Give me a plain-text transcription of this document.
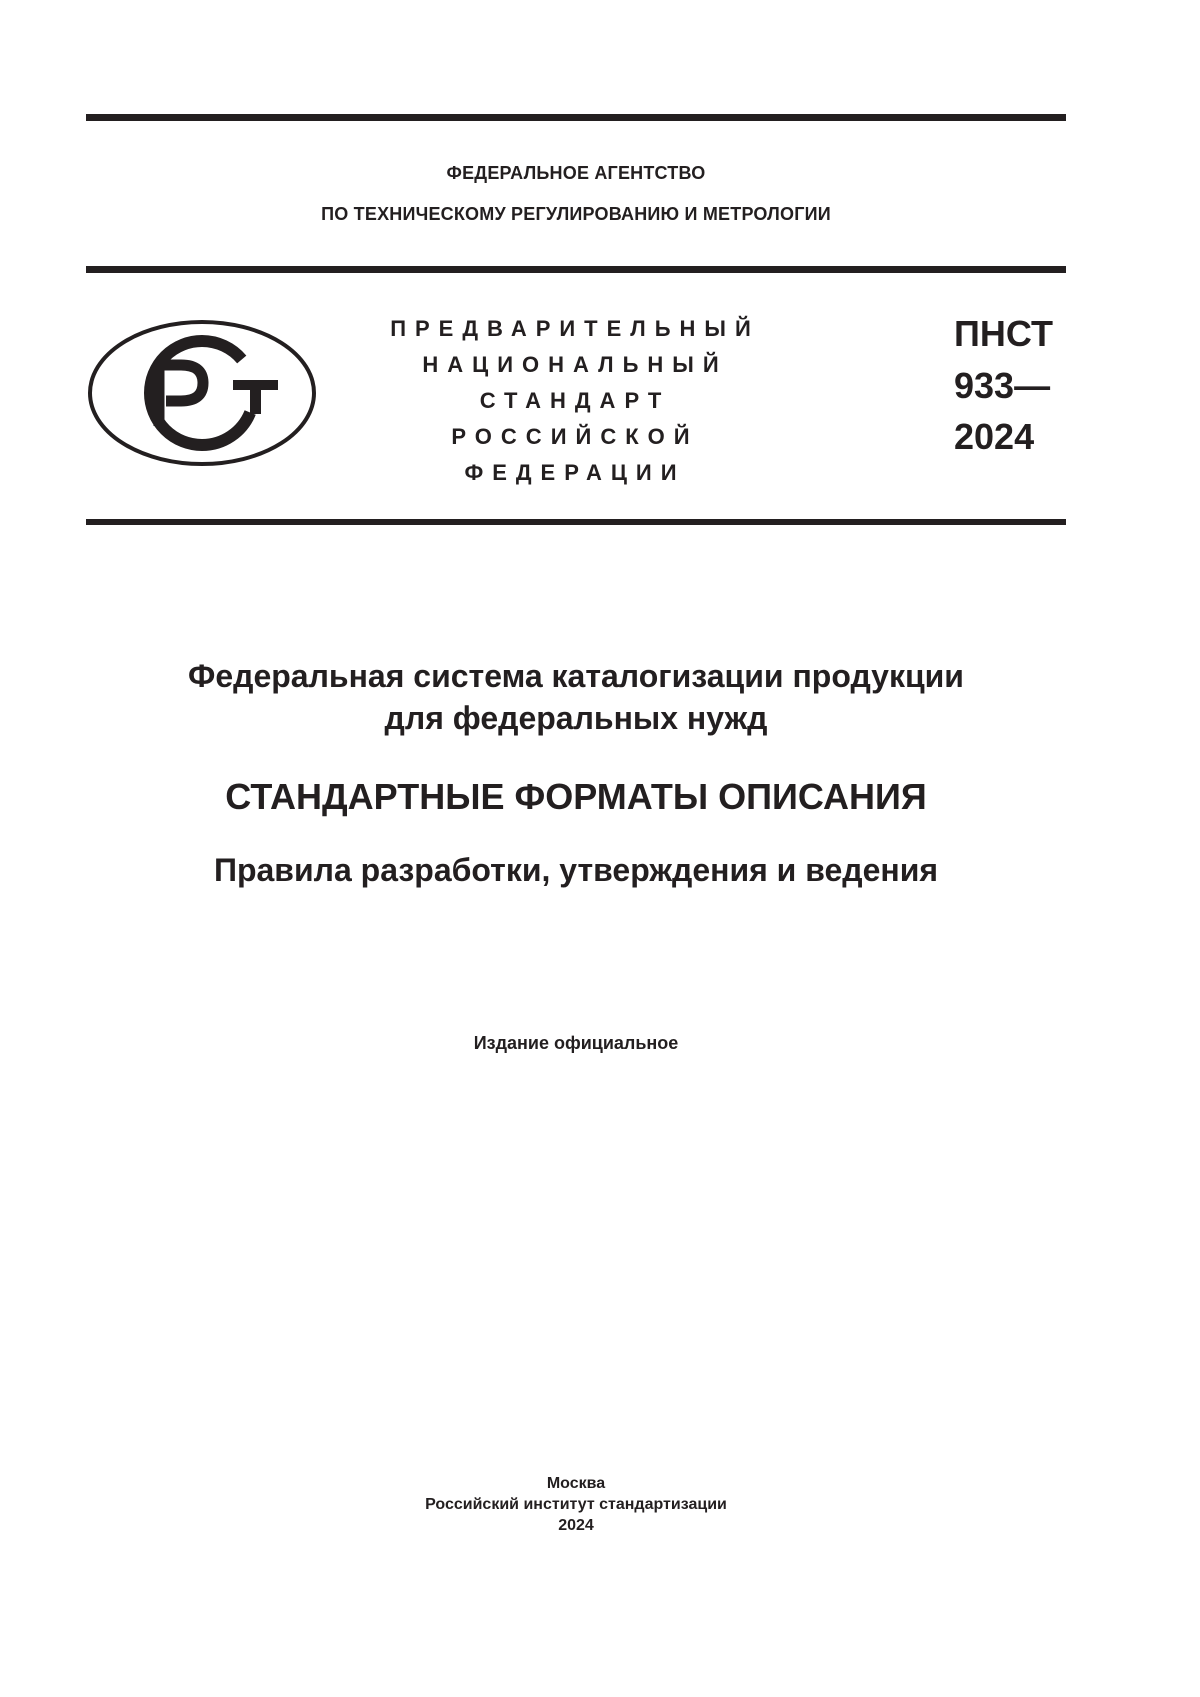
ФЕДЕРАЛЬНОЕ АГЕНТСТВО
ПО ТЕХНИЧЕСКОМУ РЕГУЛИРОВАНИЮ И МЕТРОЛОГИИ
ПРЕДВАРИТЕЛЬНЫЙ
НАЦИОНАЛЬНЫЙ
СТАНДАРТ
РОССИЙСКОЙ
ФЕДЕРАЦИИ
ПНСТ
933—
2024
Федеральная система каталогизации продукции
для федеральных нужд
СТАНДАРТНЫЕ ФОРМАТЫ ОПИСАНИЯ
Правила разработки, утверждения и ведения
Издание официальное
Москва
Российский институт стандартизации
2024
